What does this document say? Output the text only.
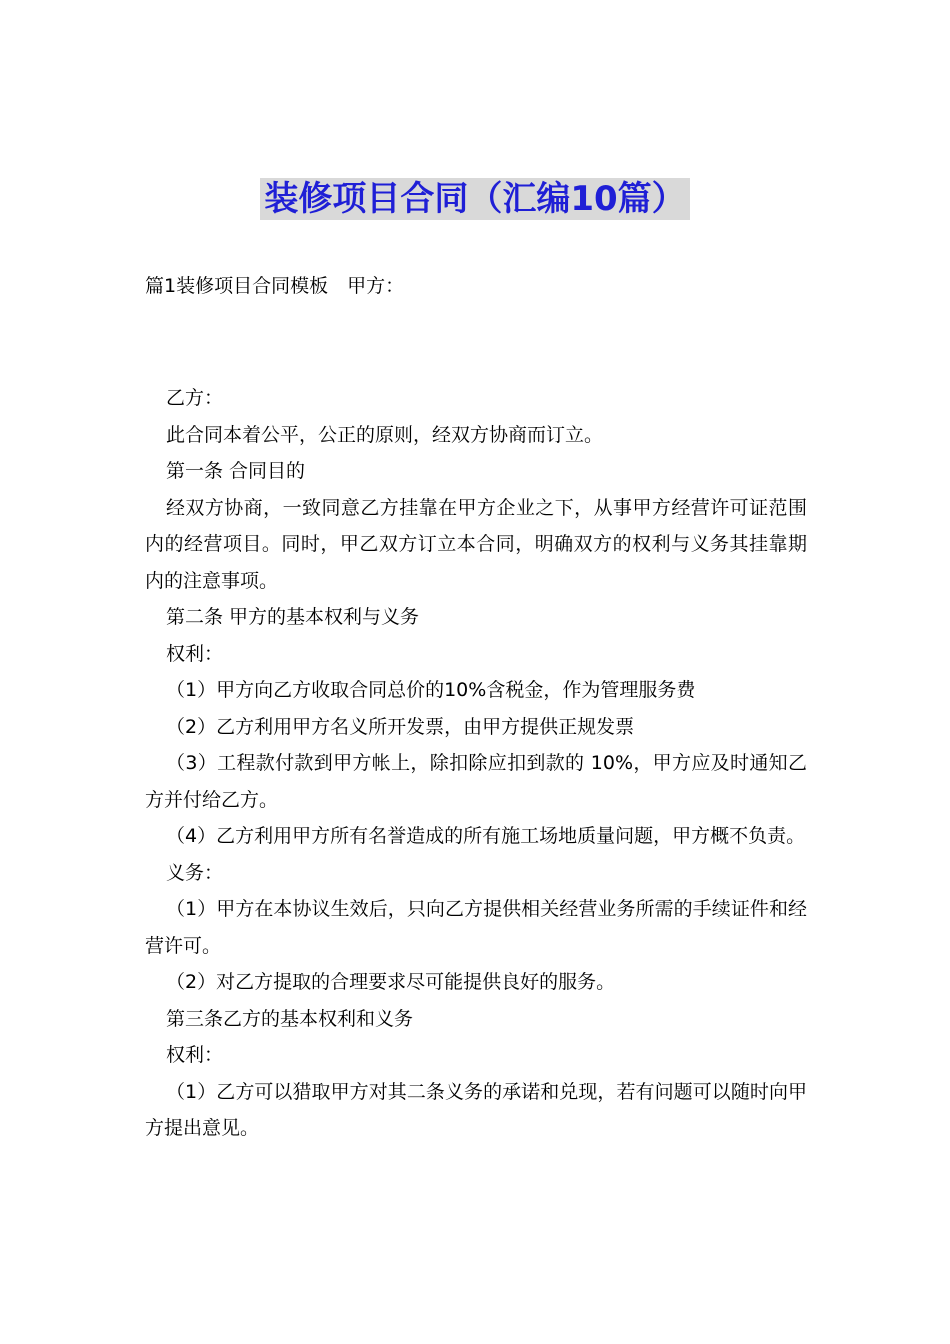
装修项目合同（汇编10篇）
篇1装修项目合同模板　甲方：

乙方：

此合同本着公平，公正的原则，经双方协商而订立。

第一条 合同目的

经双方协商，一致同意乙方挂靠在甲方企业之下，从事甲方经营许可证范围内的经营项目。同时，甲乙双方订立本合同，明确双方的权利与义务其挂靠期内的注意事项。

第二条 甲方的基本权利与义务

权利：

（1）甲方向乙方收取合同总价的10%含税金，作为管理服务费

（2）乙方利用甲方名义所开发票，由甲方提供正规发票

（3）工程款付款到甲方帐上，除扣除应扣到款的 10%，甲方应及时通知乙方并付给乙方。

（4）乙方利用甲方所有名誉造成的所有施工场地质量问题，甲方概不负责。

义务：

（1）甲方在本协议生效后，只向乙方提供相关经营业务所需的手续证件和经营许可。

（2）对乙方提取的合理要求尽可能提供良好的服务。

第三条乙方的基本权利和义务

权利：

（1）乙方可以猎取甲方对其二条义务的承诺和兑现，若有问题可以随时向甲方提出意见。
